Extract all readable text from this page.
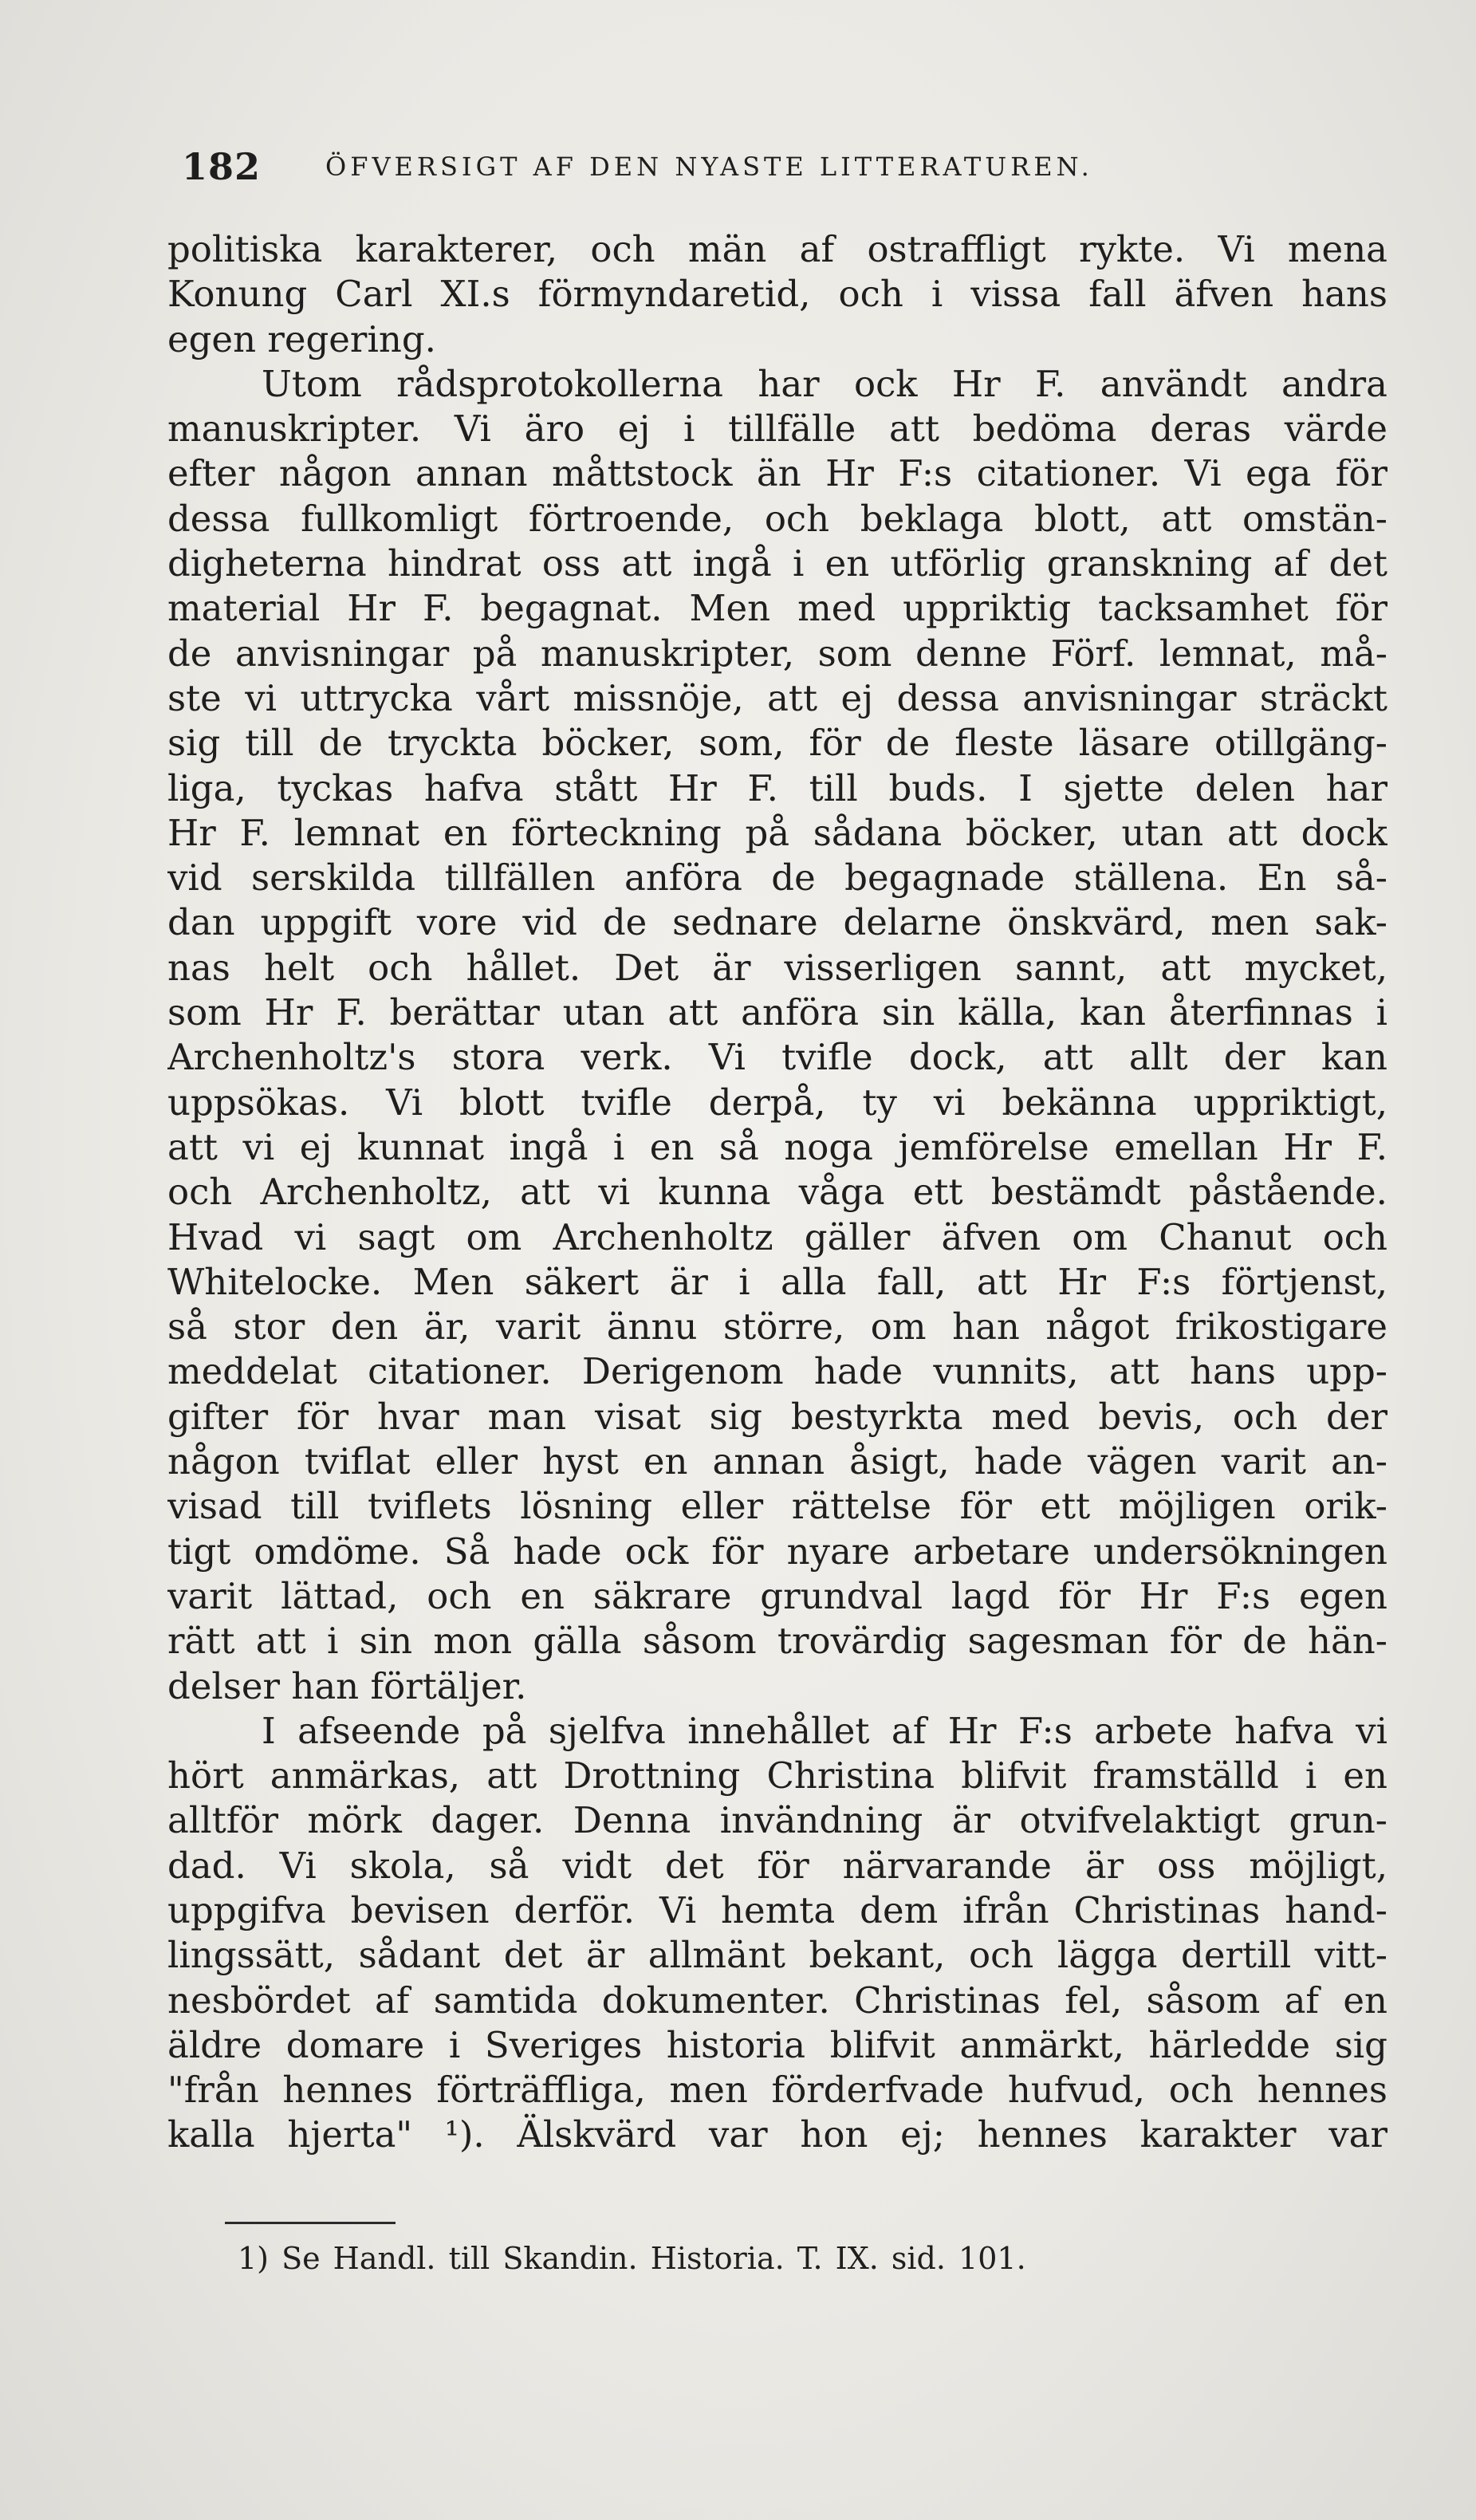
182	ÖFVERSIGT AF DEN NYASTE LITTERATUREN.
politiska karakterer, och män af ostraffligt rykte. Vi mena
Konung Carl XI.s förmyndaretid, och i vissa fall äfven hans
egen regering.
Utom rådsprotokollerna har ock Hr F. användt andra
manuskripter. Vi äro ej i tillfälle att bedöma deras värde
efter någon annan måttstock än Hr F:s citationer. Vi ega för
dessa fullkomligt förtroende, och beklaga blott, att omstän-
digheterna hindrat oss att ingå i en utförlig granskning af det
material Hr F. begagnat. Men med uppriktig tacksamhet för
de anvisningar på manuskripter, som denne Förf. lemnat, må-
ste vi uttrycka vårt missnöje, att ej dessa anvisningar sträckt
sig till de tryckta böcker, som, för de fleste läsare otillgäng-
liga, tyckas hafva stått Hr F. till buds. I sjette delen har
Hr F. lemnat en förteckning på sådana böcker, utan att dock
vid serskilda tillfällen anföra de begagnade ställena. En så-
dan uppgift vore vid de sednare delarne önskvärd, men sak-
nas helt och hållet. Det är visserligen sannt, att mycket,
som Hr F. berättar utan att anföra sin källa, kan återfinnas i
Archenholtz's stora verk. Vi tvifle dock, att allt der kan
uppsökas. Vi blott tvifle derpå, ty vi bekänna uppriktigt,
att vi ej kunnat ingå i en så noga jemförelse emellan Hr F.
och Archenholtz, att vi kunna våga ett bestämdt påstående.
Hvad vi sagt om Archenholtz gäller äfven om Chanut och
Whitelocke. Men säkert är i alla fall, att Hr F:s förtjenst,
så stor den är, varit ännu större, om han något frikostigare
meddelat citationer. Derigenom hade vunnits, att hans upp-
gifter för hvar man visat sig bestyrkta med bevis, och der
någon tviflat eller hyst en annan åsigt, hade vägen varit an-
visad till tviflets lösning eller rättelse för ett möjligen orik-
tigt omdöme. Så hade ock för nyare arbetare undersökningen
varit lättad, och en säkrare grundval lagd för Hr F:s egen
rätt att i sin mon gälla såsom trovärdig sagesman för de hän-
delser han förtäljer.
I afseende på sjelfva innehållet af Hr F:s arbete hafva vi
hört anmärkas, att Drottning Christina blifvit framställd i en
alltför mörk dager. Denna invändning är otvifvelaktigt grun-
dad. Vi skola, så vidt det för närvarande är oss möjligt,
uppgifva bevisen derför. Vi hemta dem ifrån Christinas hand-
lingssätt, sådant det är allmänt bekant, och lägga dertill vitt-
nesbördet af samtida dokumenter. Christinas fel, såsom af en
äldre domare i Sveriges historia blifvit anmärkt, härledde sig
"från hennes förträffliga, men förderfvade hufvud, och hennes
kalla hjerta" ¹). Älskvärd var hon ej; hennes karakter var
1) Se Handl. till Skandin. Historia. T. IX. sid. 101.
